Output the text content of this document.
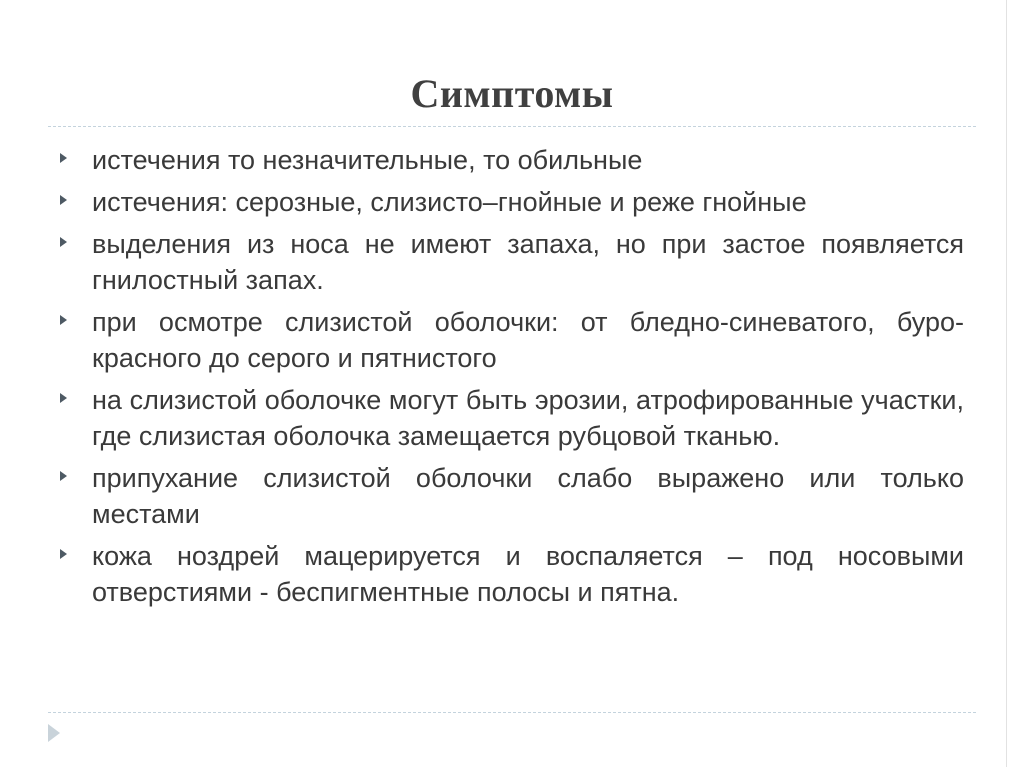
Симптомы
истечения то незначительные, то обильные
истечения: серозные, слизисто–гнойные и реже гнойные
выделения из носа не имеют запаха, но при застое появляется гнилостный запах.
при осмотре слизистой оболочки: от бледно-синеватого, буро-красного до серого и пятнистого
на слизистой оболочке могут быть эрозии, атрофированные участки, где слизистая оболочка замещается рубцовой тканью.
припухание слизистой оболочки слабо выражено или только местами
кожа ноздрей мацерируется и воспаляется – под носовыми отверстиями - беспигментные полосы и пятна.
